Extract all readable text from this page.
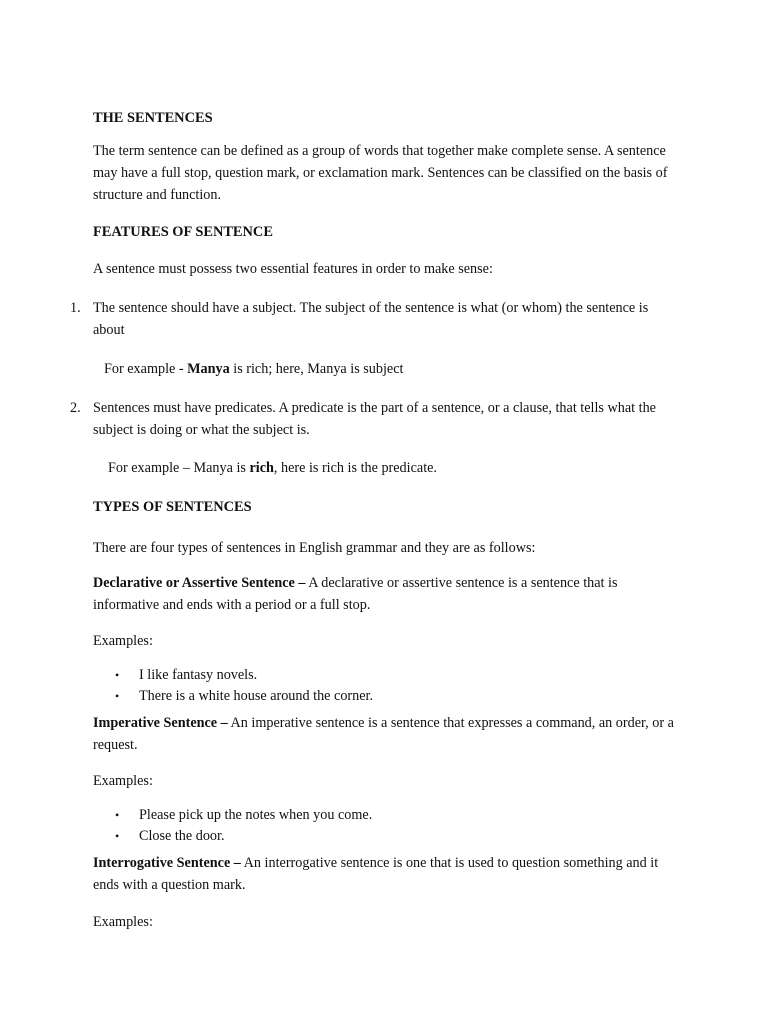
THE SENTENCES

The term sentence can be defined as a group of words that together make complete sense. A sentence may have a full stop, question mark, or exclamation mark. Sentences can be classified on the basis of structure and function.

FEATURES OF SENTENCE

A sentence must possess two essential features in order to make sense:

1. The sentence should have a subject. The subject of the sentence is what (or whom) the sentence is about

For example - Manya is rich; here, Manya is subject

2. Sentences must have predicates. A predicate is the part of a sentence, or a clause, that tells what the subject is doing or what the subject is.

For example – Manya is rich, here is rich is the predicate.

TYPES OF SENTENCES

There are four types of sentences in English grammar and they are as follows:

Declarative or Assertive Sentence – A declarative or assertive sentence is a sentence that is informative and ends with a period or a full stop.

Examples:

• I like fantasy novels.
• There is a white house around the corner.

Imperative Sentence – An imperative sentence is a sentence that expresses a command, an order, or a request.

Examples:

• Please pick up the notes when you come.
• Close the door.

Interrogative Sentence – An interrogative sentence is one that is used to question something and it ends with a question mark.

Examples:
